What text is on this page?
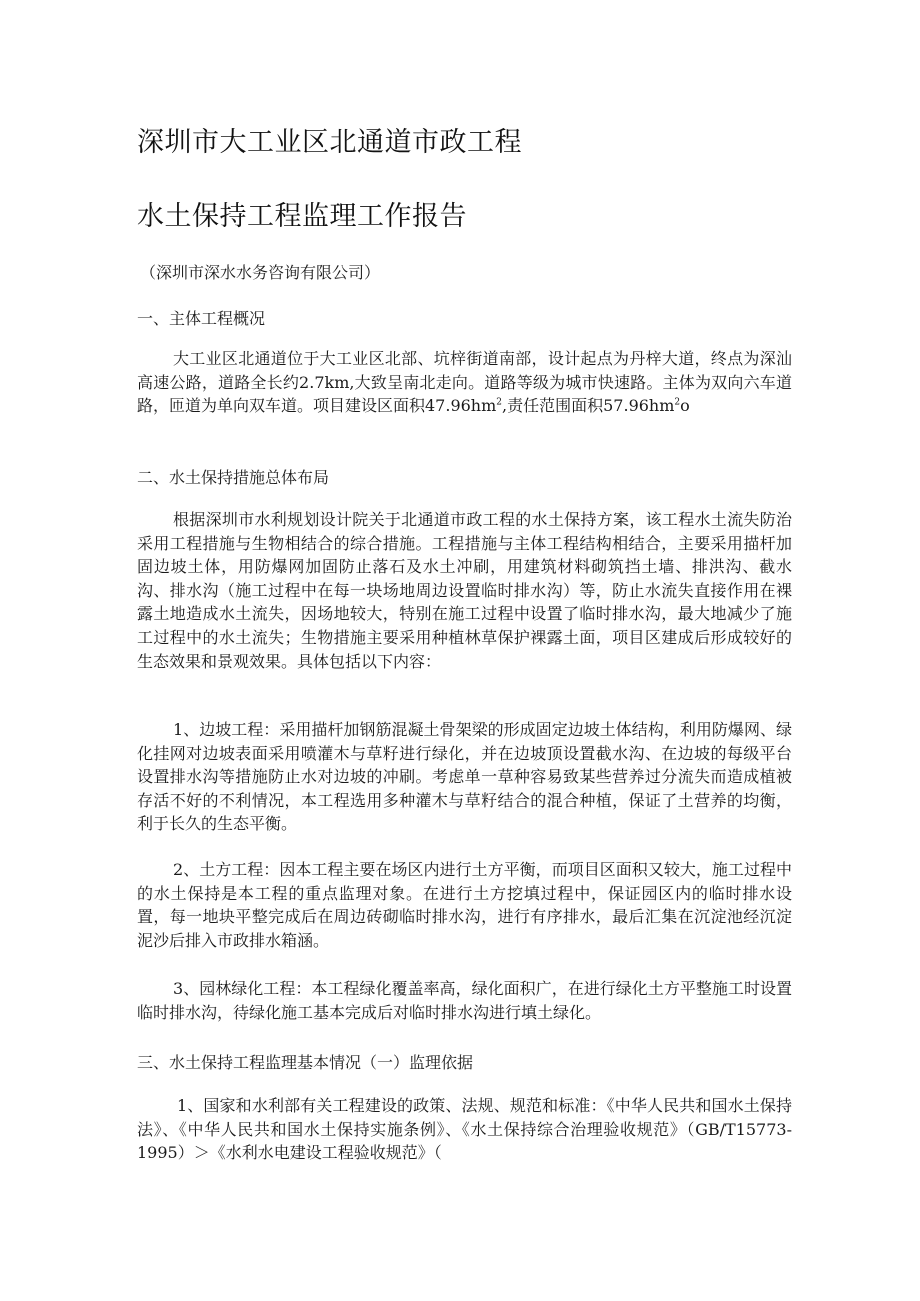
深圳市大工业区北通道市政工程
水土保持工程监理工作报告
（深圳市深水水务咨询有限公司）
一、主体工程概况
大工业区北通道位于大工业区北部、坑梓街道南部，设计起点为丹梓大道，终点为深汕高速公路，道路全长约2.7km,大致呈南北走向。道路等级为城市快速路。主体为双向六车道路，匝道为单向双车道。项目建设区面积$47.96hm^2$,责任范围面积$57.96hm^2o$
二、水土保持措施总体布局
根据深圳市水利规划设计院关于北通道市政工程的水土保持方案，该工程水土流失防治采用工程措施与生物相结合的综合措施。工程措施与主体工程结构相结合，主要采用描杆加固边坡土体，用防爆网加固防止落石及水土冲刷，用建筑材料砌筑挡土墙、排洪沟、截水沟、排水沟（施工过程中在每一块场地周边设置临时排水沟）等，防止水流失直接作用在裸露土地造成水土流失，因场地较大，特别在施工过程中设置了临时排水沟，最大地减少了施工过程中的水土流失；生物措施主要采用种植林草保护裸露土面，项目区建成后形成较好的生态效果和景观效果。具体包括以下内容：
1、边坡工程：采用描杆加钢筋混凝土骨架梁的形成固定边坡土体结构，利用防爆网、绿化挂网对边坡表面采用喷灌木与草籽进行绿化，并在边坡顶设置截水沟、在边坡的每级平台设置排水沟等措施防止水对边坡的冲刷。考虑单一草种容易致某些营养过分流失而造成植被存活不好的不利情况，本工程选用多种灌木与草籽结合的混合种植，保证了土营养的均衡，利于长久的生态平衡。
2、土方工程：因本工程主要在场区内进行土方平衡，而项目区面积又较大，施工过程中的水土保持是本工程的重点监理对象。在进行土方挖填过程中，保证园区内的临时排水设置，每一地块平整完成后在周边砖砌临时排水沟，进行有序排水，最后汇集在沉淀池经沉淀泥沙后排入市政排水箱涵。
3、园林绿化工程：本工程绿化覆盖率高，绿化面积广，在进行绿化土方平整施工时设置临时排水沟，待绿化施工基本完成后对临时排水沟进行填土绿化。
三、水土保持工程监理基本情况（一）监理依据
1、国家和水利部有关工程建设的政策、法规、规范和标准：《中华人民共和国水土保持法》、《中华人民共和国水土保持实施条例》、《水土保持综合治理验收规范》（GB/T15773-1995）＞《水利水电建设工程验收规范》（
